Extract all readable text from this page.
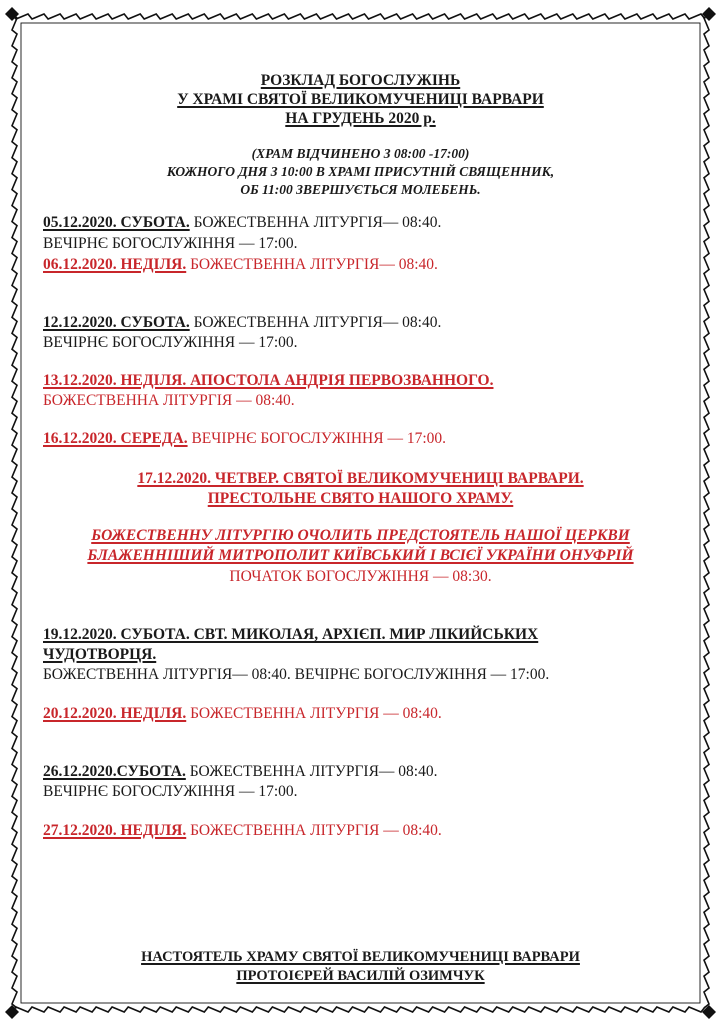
РОЗКЛАД БОГОСЛУЖІНЬ
У ХРАМІ СВЯТОЇ ВЕЛИКОМУЧЕНИЦІ ВАРВАРИ
НА ГРУДЕНЬ 2020 р.
(ХРАМ ВІДЧИНЕНО З 08:00 -17:00)
КОЖНОГО ДНЯ З 10:00 В ХРАМІ ПРИСУТНІЙ СВЯЩЕННИК,
ОБ 11:00 ЗВЕРШУЄТЬСЯ МОЛЕБЕНЬ.
05.12.2020. СУБОТА. БОЖЕСТВЕННА ЛІТУРГІЯ— 08:40.
ВЕЧІРНЄ БОГОСЛУЖІННЯ — 17:00.
06.12.2020. НЕДІЛЯ. БОЖЕСТВЕННА ЛІТУРГІЯ— 08:40.
12.12.2020. СУБОТА. БОЖЕСТВЕННА ЛІТУРГІЯ— 08:40.
ВЕЧІРНЄ БОГОСЛУЖІННЯ — 17:00.
13.12.2020. НЕДІЛЯ. АПОСТОЛА АНДРІЯ ПЕРВОЗВАННОГО.
БОЖЕСТВЕННА ЛІТУРГІЯ — 08:40.
16.12.2020. СЕРЕДА. ВЕЧІРНЄ БОГОСЛУЖІННЯ — 17:00.
17.12.2020. ЧЕТВЕР. СВЯТОЇ ВЕЛИКОМУЧЕНИЦІ ВАРВАРИ.
ПРЕСТОЛЬНЕ СВЯТО НАШОГО ХРАМУ.
БОЖЕСТВЕННУ ЛІТУРГІЮ ОЧОЛИТЬ ПРЕДСТОЯТЕЛЬ НАШОЇ ЦЕРКВИ
БЛАЖЕННІШИЙ МИТРОПОЛИТ КИЇВСЬКИЙ І ВСІЄЇ УКРАЇНИ ОНУФРІЙ
ПОЧАТОК БОГОСЛУЖІННЯ — 08:30.
19.12.2020. СУБОТА. СВТ. МИКОЛАЯ, АРХІЄП. МИР ЛІКИЙСЬКИХ
ЧУДОТВОРЦЯ.
БОЖЕСТВЕННА ЛІТУРГІЯ— 08:40. ВЕЧІРНЄ БОГОСЛУЖІННЯ — 17:00.
20.12.2020. НЕДІЛЯ. БОЖЕСТВЕННА ЛІТУРГІЯ — 08:40.
26.12.2020.СУБОТА. БОЖЕСТВЕННА ЛІТУРГІЯ— 08:40.
ВЕЧІРНЄ БОГОСЛУЖІННЯ — 17:00.
27.12.2020. НЕДІЛЯ. БОЖЕСТВЕННА ЛІТУРГІЯ — 08:40.
НАСТОЯТЕЛЬ ХРАМУ СВЯТОЇ ВЕЛИКОМУЧЕНИЦІ ВАРВАРИ
ПРОТОІЄРЕЙ ВАСИЛІЙ ОЗИМЧУК
